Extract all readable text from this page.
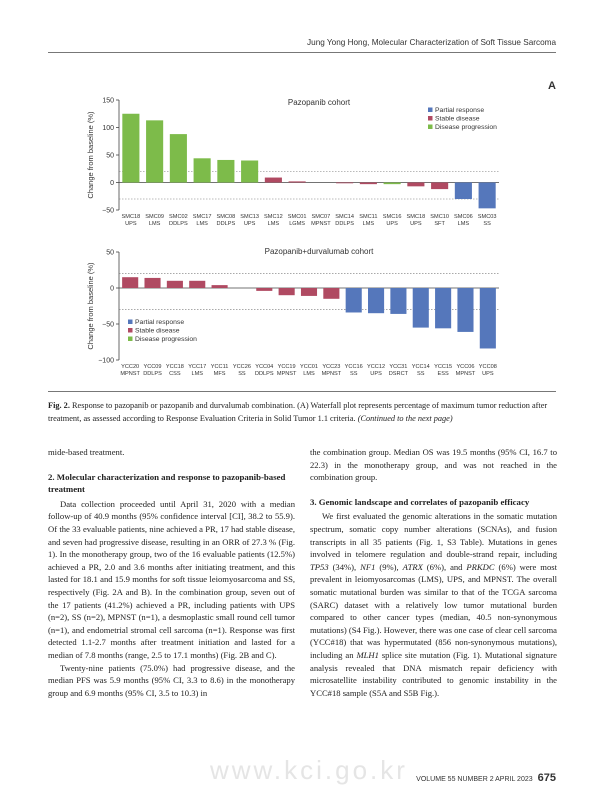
Jung Yong Hong, Molecular Characterization of Soft Tissue Sarcoma
A
150
100
50
0
−50
Change from baseline (%)
Pazopanib cohort
SMC18
UPS
SMC09
LMS
SMC02
DDLPS
SMC17
LMS
SMC08
DDLPS
SMC13
UPS
SMC12
LMS
SMC01
LGMS
SMC07
MPNST
SMC14
DDLPS
SMC11
LMS
SMC16
UPS
SMC18
UPS
SMC10
SFT
SMC06
LMS
SMC03
SS
Partial response
Stable disease
Disease progression
50
0
−50
−100
Change from baseline (%)
Pazopanib+durvalumab cohort
YCC20
MPNST
YCC09
DDLPS
YCC18
CSS
YCC17
LMS
YCC11
MFS
YCC26
SS
YCC04
DDLPS
YCC19
MPNST
YCC01
LMS
YCC23
MPNST
YCC16
SS
YCC12
UPS
YCC31
DSRCT
YCC14
SS
YCC15
ESS
YCC06
MPNST
YCC08
UPS
Partial response
Stable disease
Disease progression
Fig. 2. Response to pazopanib or pazopanib and durvalumab combination. (A) Waterfall plot represents percentage of maximum tumor reduction after treatment, as assessed according to Response Evaluation Criteria in Solid Tumor 1.1 criteria. (Continued to the next page)

mide-based treatment.

2. Molecular characterization and response to pazopanib-based treatment

Data collection proceeded until April 31, 2020 with a median follow-up of 40.9 months (95% confidence interval [CI], 38.2 to 55.9). Of the 33 evaluable patients, nine achieved a PR, 17 had stable disease, and seven had progressive disease, resulting in an ORR of 27.3 % (Fig. 1). In the monotherapy group, two of the 16 evaluable patients (12.5%) achieved a PR, 2.0 and 3.6 months after initiating treatment, and this lasted for 18.1 and 15.9 months for soft tissue leiomyosarcoma and SS, respectively (Fig. 2A and B). In the combination group, seven out of the 17 patients (41.2%) achieved a PR, including patients with UPS (n=2), SS (n=2), MPNST (n=1), a desmoplastic small round cell tumor (n=1), and endometrial stromal cell sarcoma (n=1). Response was first detected 1.1-2.7 months after treatment initiation and lasted for a median of 7.8 months (range, 2.5 to 17.1 months) (Fig. 2B and C).

Twenty-nine patients (75.0%) had progressive disease, and the median PFS was 5.9 months (95% CI, 3.3 to 8.6) in the monotherapy group and 6.9 months (95% CI, 3.5 to 10.3) in

the combination group. Median OS was 19.5 months (95% CI, 16.7 to 22.3) in the monotherapy group, and was not reached in the combination group.

3. Genomic landscape and correlates of pazopanib efficacy

We first evaluated the genomic alterations in the somatic mutation spectrum, somatic copy number alterations (SCNAs), and fusion transcripts in all 35 patients (Fig. 1, S3 Table). Mutations in genes involved in telomere regulation and double-strand repair, including TP53 (34%), NF1 (9%), ATRX (6%), and PRKDC (6%) were most prevalent in leiomyosarcomas (LMS), UPS, and MPNST. The overall somatic mutational burden was similar to that of the TCGA sarcoma (SARC) dataset with a relatively low tumor mutational burden compared to other cancer types (median, 40.5 non-synonymous mutations) (S4 Fig.). However, there was one case of clear cell sarcoma (YCC#18) that was hypermutated (856 non-synonymous mutations), including an MLH1 splice site mutation (Fig. 1). Mutational signature analysis revealed that DNA mismatch repair deficiency with microsatellite instability contributed to genomic instability in the YCC#18 sample (S5A and S5B Fig.).

www.kci.go.kr VOLUME 55 NUMBER 2 APRIL 2023 675
